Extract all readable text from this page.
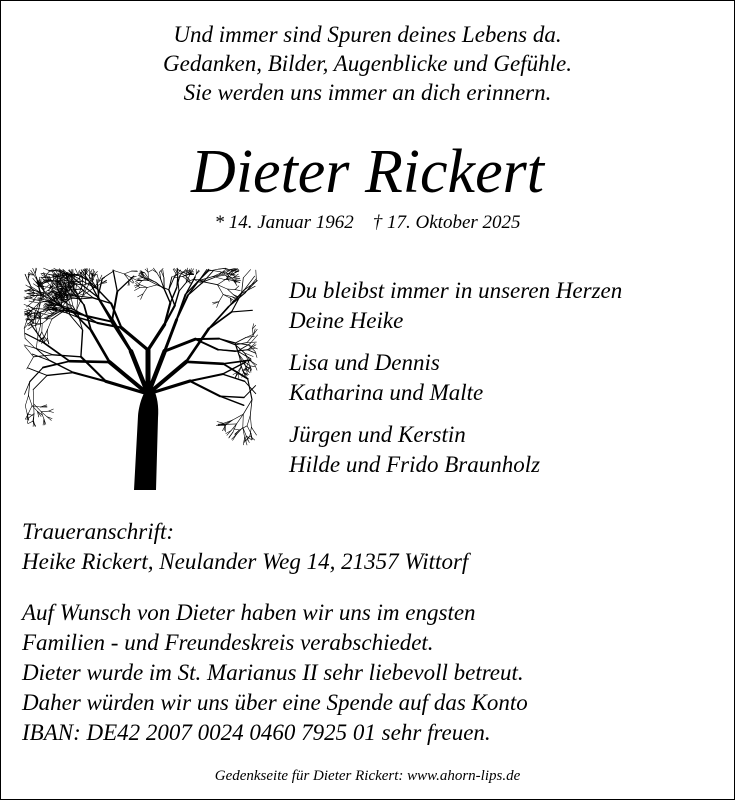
Und immer sind Spuren deines Lebens da.
Gedanken, Bilder, Augenblicke und Gefühle.
Sie werden uns immer an dich erinnern.
Dieter Rickert
* 14. Januar 1962    † 17. Oktober 2025
Du bleibst immer in unseren Herzen
Deine Heike
Lisa und Dennis
Katharina und Malte
Jürgen und Kerstin
Hilde und Frido Braunholz
Traueranschrift:
Heike Rickert, Neulander Weg 14, 21357 Wittorf
Auf Wunsch von Dieter haben wir uns im engsten
Familien - und Freundeskreis verabschiedet.
Dieter wurde im St. Marianus II sehr liebevoll betreut.
Daher würden wir uns über eine Spende auf das Konto
IBAN: DE42 2007 0024 0460 7925 01 sehr freuen.
Gedenkseite für Dieter Rickert: www.ahorn-lips.de
